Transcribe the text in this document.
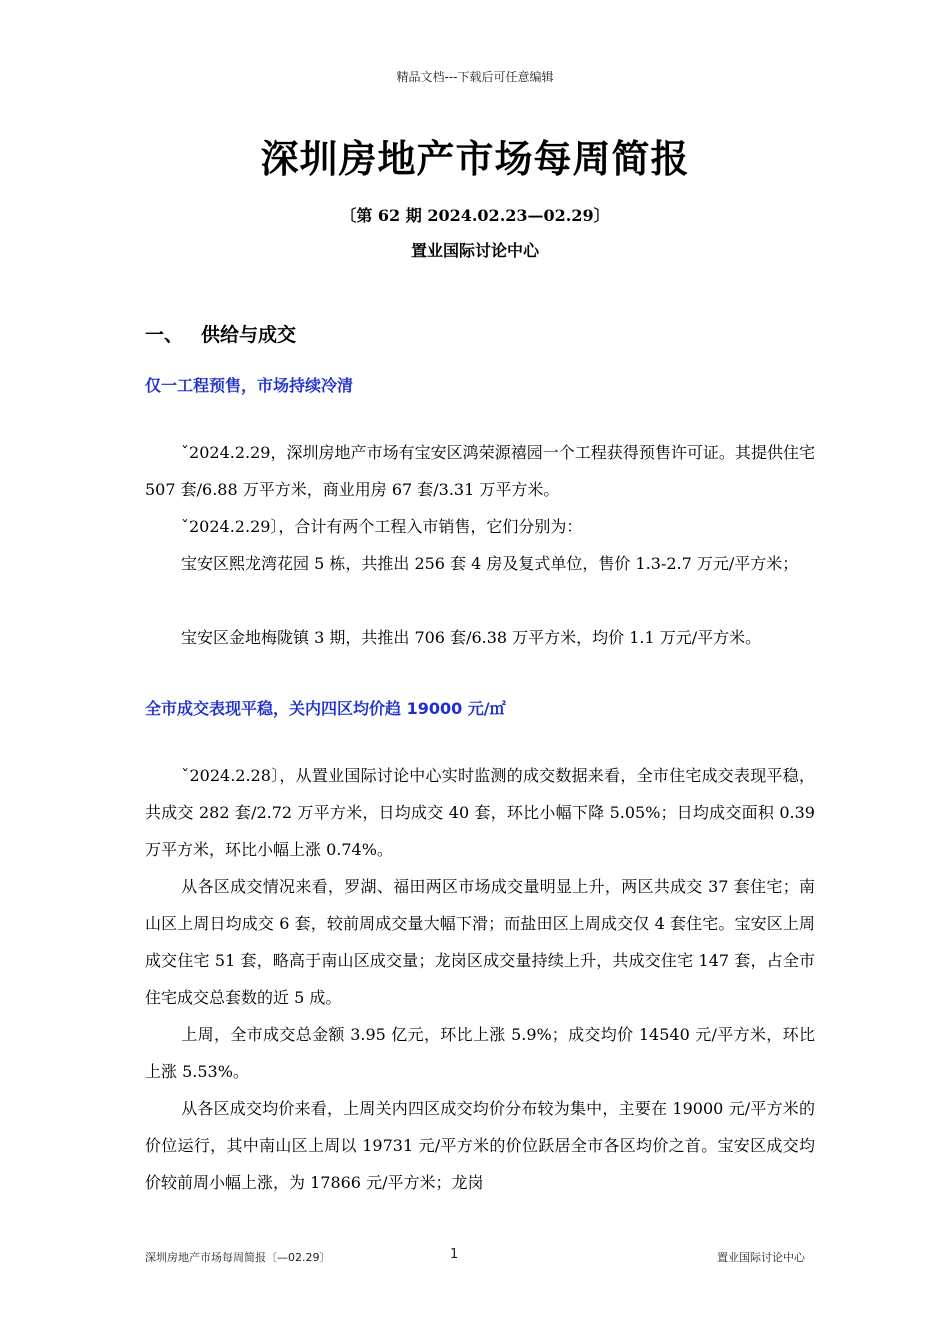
精品文档---下载后可任意编辑
深圳房地产市场每周简报
〔第 62 期 2024.02.23—02.29〕
置业国际讨论中心
一、 供给与成交
仅一工程预售，市场持续冷清
ˇ2024.2.29，深圳房地产市场有宝安区鸿荣源禧园一个工程获得预售许可证。其提供住宅 507 套/6.88 万平方米，商业用房 67 套/3.31 万平方米。
ˇ2024.2.29〕，合计有两个工程入市销售，它们分别为：
宝安区熙龙湾花园 5 栋，共推出 256 套 4 房及复式单位，售价 1.3-2.7 万元/平方米；
宝安区金地梅陇镇 3 期，共推出 706 套/6.38 万平方米，均价 1.1 万元/平方米。
全市成交表现平稳，关内四区均价趋 19000 元/㎡
ˇ2024.2.28〕，从置业国际讨论中心实时监测的成交数据来看，全市住宅成交表现平稳，共成交 282 套/2.72 万平方米，日均成交 40 套，环比小幅下降 5.05%；日均成交面积 0.39 万平方米，环比小幅上涨 0.74%。
从各区成交情况来看，罗湖、福田两区市场成交量明显上升，两区共成交 37 套住宅；南山区上周日均成交 6 套，较前周成交量大幅下滑；而盐田区上周成交仅 4 套住宅。宝安区上周成交住宅 51 套，略高于南山区成交量；龙岗区成交量持续上升，共成交住宅 147 套，占全市住宅成交总套数的近 5 成。
上周，全市成交总金额 3.95 亿元，环比上涨 5.9%；成交均价 14540 元/平方米，环比上涨 5.53%。
从各区成交均价来看，上周关内四区成交均价分布较为集中，主要在 19000 元/平方米的价位运行，其中南山区上周以 19731 元/平方米的价位跃居全市各区均价之首。宝安区成交均价较前周小幅上涨，为 17866 元/平方米；龙岗
深圳房地产市场每周简报〔—02.29〕	1	置业国际讨论中心
